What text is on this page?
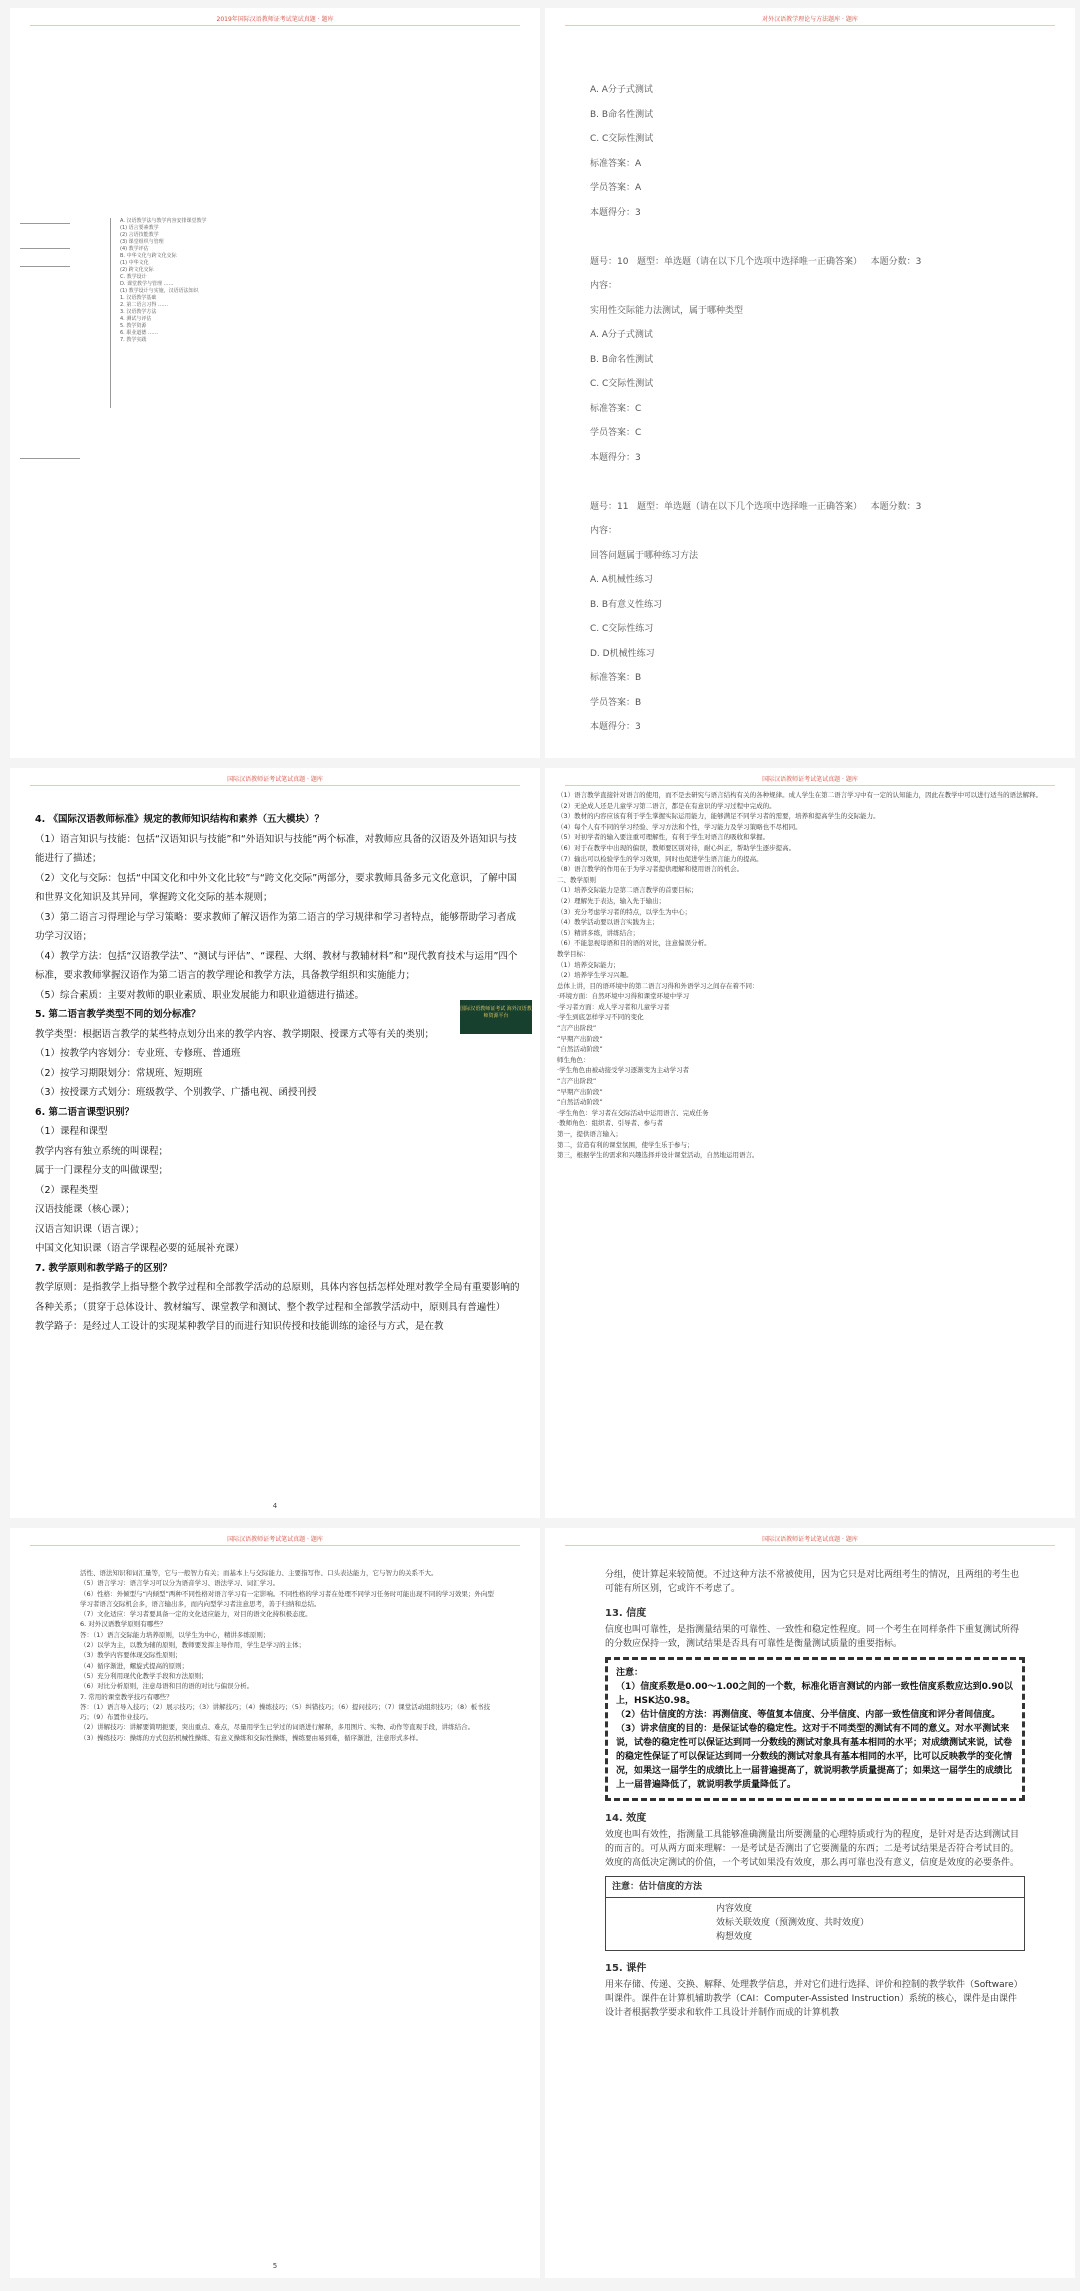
2019年国际汉语教师证考试笔试真题 · 题库

A. 汉语教学法与教学内容安排课堂教学

(1) 语言要素教学

(2) 言语技能教学

(3) 课堂组织与管理

(4) 教学评估

B. 中华文化与跨文化交际

(1) 中华文化

(2) 跨文化交际

C. 教学设计

D. 课堂教学与管理 ……

(1) 教学设计与实施，汉语语法知识

1. 汉语教学基础

2. 第二语言习得 ……

3. 汉语教学方法

4. 测试与评估

5. 教学资源

6. 职业道德 ……

7. 教学实践

对外汉语教学理论与方法题库 · 题库

A. A分子式测试

B. B命名性测试

C. C交际性测试

标准答案：A

学员答案：A

本题得分：3

题号：10   题型：单选题（请在以下几个选项中选择唯一正确答案）   本题分数：3

内容：

实用性交际能力法测试，属于哪种类型

A. A分子式测试

B. B命名性测试

C. C交际性测试

标准答案：C

学员答案：C

本题得分：3

题号：11   题型：单选题（请在以下几个选项中选择唯一正确答案）   本题分数：3

内容：

回答问题属于哪种练习方法

A. A机械性练习

B. B有意义性练习

C. C交际性练习

D. D机械性练习

标准答案：B

学员答案：B

本题得分：3

国际汉语教师证考试笔试真题 · 题库

4. 《国际汉语教师标准》规定的教师知识结构和素养（五大模块）？

（1）语言知识与技能：包括“汉语知识与技能”和“外语知识与技能”两个标准，对教师应具备的汉语及外语知识与技能进行了描述；

（2）文化与交际：包括“中国文化和中外文化比较”与“跨文化交际”两部分，要求教师具备多元文化意识，了解中国和世界文化知识及其异同，掌握跨文化交际的基本规则；

（3）第二语言习得理论与学习策略：要求教师了解汉语作为第二语言的学习规律和学习者特点，能够帮助学习者成功学习汉语；

（4）教学方法：包括“汉语教学法”、“测试与评估”、“课程、大纲、教材与教辅材料”和“现代教育技术与运用”四个标准，要求教师掌握汉语作为第二语言的教学理论和教学方法，具备教学组织和实施能力；

（5）综合素质：主要对教师的职业素质、职业发展能力和职业道德进行描述。

5. 第二语言教学类型不同的划分标准？

教学类型：根据语言教学的某些特点划分出来的教学内容、教学期限、授课方式等有关的类别；

（1）按教学内容划分：专业班、专修班、普通班

（2）按学习期限划分：常规班、短期班

（3）按授课方式划分：班级教学、个别教学、广播电视、函授刊授

6. 第二语言课型识别？

（1）课程和课型

教学内容有独立系统的叫课程；

属于一门课程分支的叫做课型；

（2）课程类型

汉语技能课（核心课）；

汉语言知识课（语言课）；

中国文化知识课（语言学课程必要的延展补充课）

7. 教学原则和教学路子的区别？

教学原则：是指教学上指导整个教学过程和全部教学活动的总原则，具体内容包括怎样处理对教学全局有重要影响的各种关系；（贯穿于总体设计、教材编写、课堂教学和测试、整个教学过程和全部教学活动中，原则具有普遍性）

教学路子：是经过人工设计的实现某种教学目的而进行知识传授和技能训练的途径与方式，是在教

4
国际汉语教师证考试笔试真题 · 题库

（1）语言教学直接针对语言的使用，而不是去研究与语言结构有关的各种规律。成人学生在第二语言学习中有一定的认知能力，因此在教学中可以进行适当的语法解释。

（2）无论成人还是儿童学习第二语言，都是在有意识的学习过程中完成的。

（3）教材的内容应该有利于学生掌握实际运用能力，能够满足不同学习者的需要，培养和提高学生的交际能力。

（4）每个人有不同的学习经验、学习方法和个性，学习能力及学习策略也不尽相同。

（5）对初学者的输入要注重可理解性，有利于学生对语言的吸收和掌握。

（6）对于在教学中出现的偏误，教师要区别对待，耐心纠正，帮助学生逐步提高。

（7）输出可以检验学生的学习效果，同时也促进学生语言能力的提高。

（8）语言教学的作用在于为学习者提供理解和使用语言的机会。

二、教学原则

（1）培养交际能力是第二语言教学的首要目标；

（2）理解先于表达，输入先于输出；

（3）充分考虑学习者的特点，以学生为中心；

（4）教学活动要以语言实践为主；

（5）精讲多练，讲练结合；

（6）不能忽视母语和目的语的对比，注意偏误分析。

教学目标：

（1）培养交际能力；

（2）培养学生学习兴趣。

总体上讲，目的语环境中的第二语言习得和外语学习之间存在着不同：

·环境方面：自然环境中习得和课堂环境中学习

·学习者方面：成人学习者和儿童学习者

·学生到底怎样学习不同的变化

“言产出阶段”

“早期产出阶段”

“自然活动阶段”

师生角色：

·学生角色由被动接受学习逐渐变为主动学习者

“言产出阶段”

“早期产出阶段”

“自然活动阶段”

·学生角色：学习者在交际活动中运用语言、完成任务

·教师角色：组织者、引导者、参与者

第一，提供语言输入；

第二，营造有利的课堂氛围，使学生乐于参与；

第三，根据学生的需求和兴趣选择并设计课堂活动，自然地运用语言。

国际汉语教师证考试 海外汉语教师资源平台
国际汉语教师证考试笔试真题 · 题库

活性、语法知识和词汇量等，它与一般智力有关；而基本上与交际能力、主要指写作、口头表达能力，它与智力的关系不大。

（5）语言学习：语言学习可以分为语音学习、语法学习、词汇学习。

（6）性格：外倾型与“内倾型”两种不同性格对语言学习有一定影响。不同性格的学习者在处理不同学习任务时可能出现不同的学习效果；外向型学习者语言交际机会多，语言输出多，而内向型学习者注意思考，善于归纳和总结。

（7）文化适应：学习者要具备一定的文化适应能力，对目的语文化持积极态度。

6. 对外汉语教学原则有哪些？

答：（1）语言交际能力培养原则，以学生为中心，精讲多练原则；

（2）以学为主，以教为辅的原则，教师要发挥主导作用，学生是学习的主体；

（3）教学内容要体现交际性原则；

（4）循序渐进，螺旋式提高的原则；

（5）充分利用现代化教学手段和方法原则；

（6）对比分析原则，注意母语和目的语的对比与偏误分析。

7. 常用的课堂教学技巧有哪些？

答：（1）语言导入技巧；（2）展示技巧；（3）讲解技巧；（4）操练技巧；（5）纠错技巧；（6）提问技巧；（7）课堂活动组织技巧；（8）板书技巧；（9）布置作业技巧。

（2）讲解技巧：讲解要简明扼要，突出重点、难点，尽量用学生已学过的词语进行解释，多用图片、实物、动作等直观手段，讲练结合。

（3）操练技巧：操练的方式包括机械性操练、有意义操练和交际性操练，操练要由易到难，循序渐进，注意形式多样。

5
国际汉语教师证考试笔试真题 · 题库

分组，使计算起来较简便。不过这种方法不常被使用，因为它只是对比两组考生的情况，且两组的考生也可能有所区别，它或许不考虑了。

13. 信度

信度也叫可靠性，是指测量结果的可靠性、一致性和稳定性程度。同一个考生在同样条件下重复测试所得的分数应保持一致，测试结果是否具有可靠性是衡量测试质量的重要指标。

注意：

（1）信度系数是0.00～1.00之间的一个数，标准化语言测试的内部一致性信度系数应达到0.90以上，HSK达0.98。

（2）估计信度的方法：再测信度、等值复本信度、分半信度、内部一致性信度和评分者间信度。

（3）讲求信度的目的：是保证试卷的稳定性。这对于不同类型的测试有不同的意义。对水平测试来说，试卷的稳定性可以保证达到同一分数线的测试对象具有基本相同的水平；对成绩测试来说，试卷的稳定性保证了可以保证达到同一分数线的测试对象具有基本相同的水平，比可以反映教学的变化情况，如果这一届学生的成绩比上一届普遍提高了，就说明教学质量提高了；如果这一届学生的成绩比上一届普遍降低了，就说明教学质量降低了。

14. 效度

效度也叫有效性，指测量工具能够准确测量出所要测量的心理特质或行为的程度，是针对是否达到测试目的而言的。可从两方面来理解：一是考试是否测出了它要测量的东西；二是考试结果是否符合考试目的。效度的高低决定测试的价值，一个考试如果没有效度，那么再可靠也没有意义，信度是效度的必要条件。

注意：估计信度的方法
内容效度
效标关联效度（预测效度、共时效度）
构想效度

15. 课件

用来存储、传递、交换、解释、处理教学信息，并对它们进行选择、评价和控制的教学软件（Software）叫课件。课件在计算机辅助教学（CAI：Computer-Assisted Instruction）系统的核心，课件是由课件设计者根据教学要求和软件工具设计并制作而成的计算机教
